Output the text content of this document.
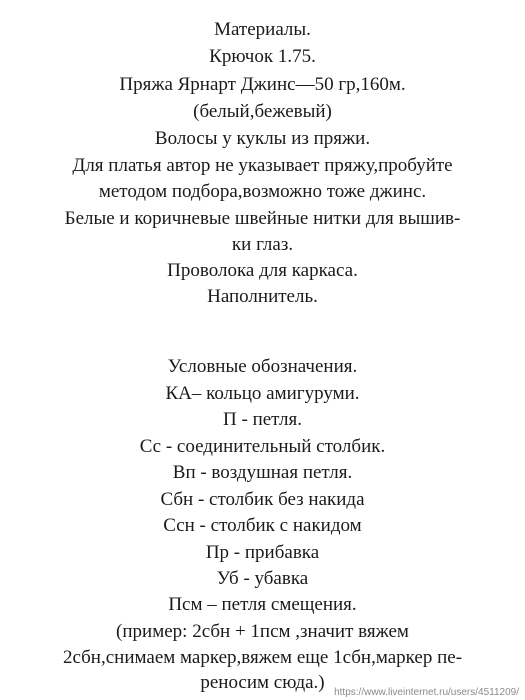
Материалы.
Крючок 1.75.
Пряжа Ярнарт Джинс—50 гр,160м.
(белый,бежевый)
Волосы у куклы из пряжи.
Для платья автор не указывает пряжу,пробуйте
методом подбора,возможно тоже джинс.
Белые и коричневые швейные нитки для вышив-
ки глаз.
Проволока для каркаса.
Наполнитель.
Условные обозначения.
КА– кольцо амигуруми.
П - петля.
Сс - соединительный столбик.
Вп - воздушная петля.
Сбн - столбик без накида
Ссн - столбик с накидом
Пр - прибавка
Уб - убавка
Псм – петля смещения.
(пример: 2сбн + 1псм ,значит вяжем
2сбн,снимаем маркер,вяжем еще 1сбн,маркер пе-
реносим сюда.) https://www.liveinternet.ru/users/4511209/
